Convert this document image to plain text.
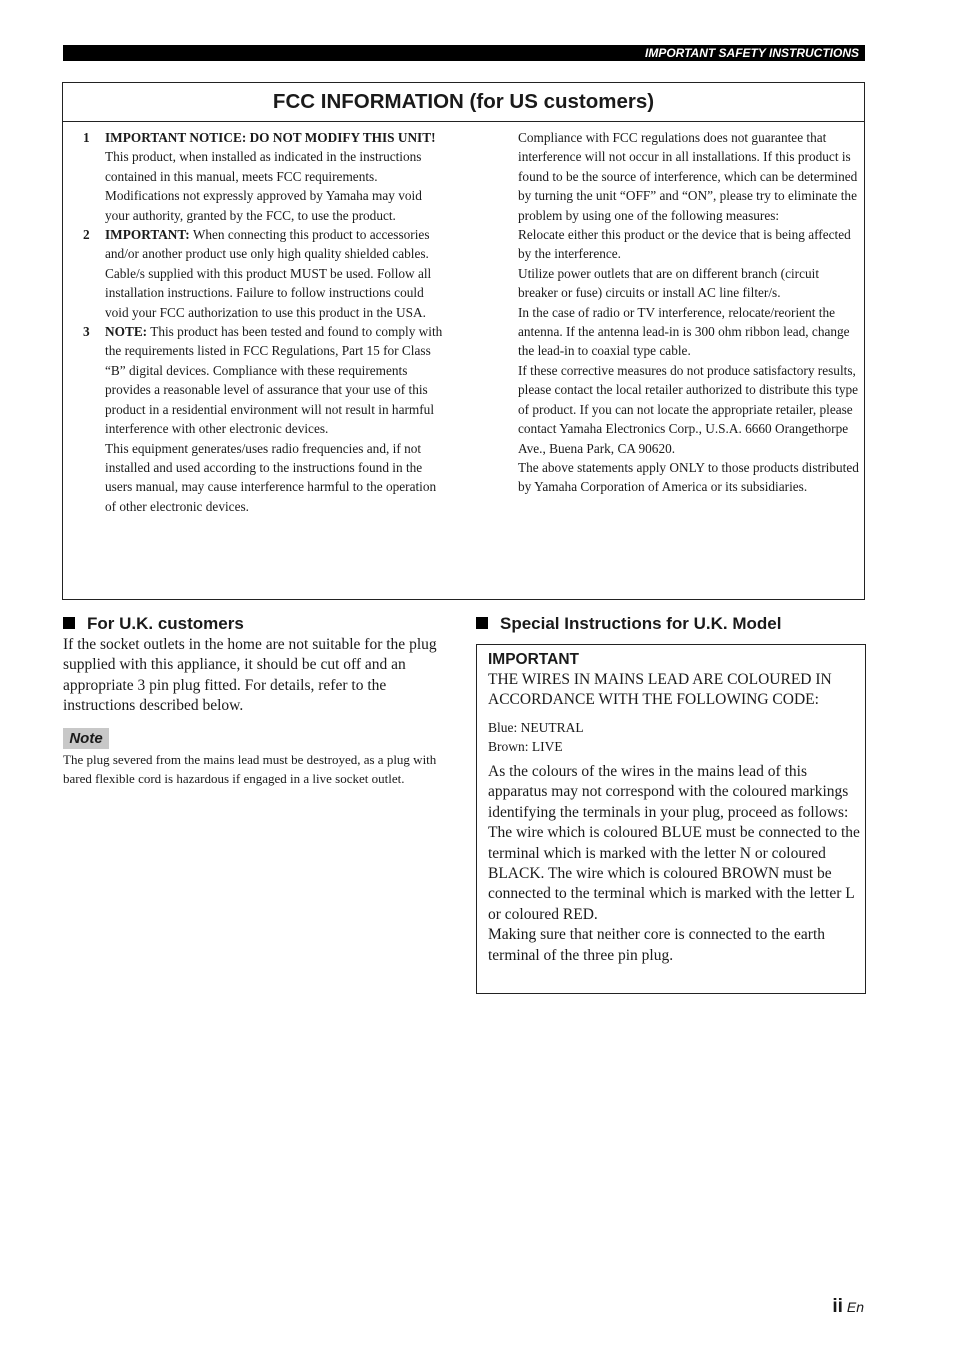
IMPORTANT SAFETY INSTRUCTIONS
FCC INFORMATION (for US customers)
1 IMPORTANT NOTICE: DO NOT MODIFY THIS UNIT!
This product, when installed as indicated in the instructions contained in this manual, meets FCC requirements. Modifications not expressly approved by Yamaha may void your authority, granted by the FCC, to use the product.
2 IMPORTANT: When connecting this product to accessories and/or another product use only high quality shielded cables. Cable/s supplied with this product MUST be used. Follow all installation instructions. Failure to follow instructions could void your FCC authorization to use this product in the USA.
3 NOTE: This product has been tested and found to comply with the requirements listed in FCC Regulations, Part 15 for Class “B” digital devices. Compliance with these requirements provides a reasonable level of assurance that your use of this product in a residential environment will not result in harmful interference with other electronic devices.
This equipment generates/uses radio frequencies and, if not installed and used according to the instructions found in the users manual, may cause interference harmful to the operation of other electronic devices.

Compliance with FCC regulations does not guarantee that interference will not occur in all installations. If this product is found to be the source of interference, which can be determined by turning the unit “OFF” and “ON”, please try to eliminate the problem by using one of the following measures:

Relocate either this product or the device that is being affected by the interference.

Utilize power outlets that are on different branch (circuit breaker or fuse) circuits or install AC line filter/s.

In the case of radio or TV interference, relocate/reorient the antenna. If the antenna lead-in is 300 ohm ribbon lead, change the lead-in to coaxial type cable.

If these corrective measures do not produce satisfactory results, please contact the local retailer authorized to distribute this type of product. If you can not locate the appropriate retailer, please contact Yamaha Electronics Corp., U.S.A. 6660 Orangethorpe Ave., Buena Park, CA 90620.

The above statements apply ONLY to those products distributed by Yamaha Corporation of America or its subsidiaries.

For U.K. customers
If the socket outlets in the home are not suitable for the plug supplied with this appliance, it should be cut off and an appropriate 3 pin plug fitted. For details, refer to the instructions described below.
Note
The plug severed from the mains lead must be destroyed, as a plug with bared flexible cord is hazardous if engaged in a live socket outlet.
Special Instructions for U.K. Model
IMPORTANT
THE WIRES IN MAINS LEAD ARE COLOURED IN ACCORDANCE WITH THE FOLLOWING CODE:
Blue: NEUTRAL
Brown: LIVE
As the colours of the wires in the mains lead of this apparatus may not correspond with the coloured markings identifying the terminals in your plug, proceed as follows:
The wire which is coloured BLUE must be connected to the terminal which is marked with the letter N or coloured BLACK. The wire which is coloured BROWN must be connected to the terminal which is marked with the letter L or coloured RED.
Making sure that neither core is connected to the earth terminal of the three pin plug.
ii En
